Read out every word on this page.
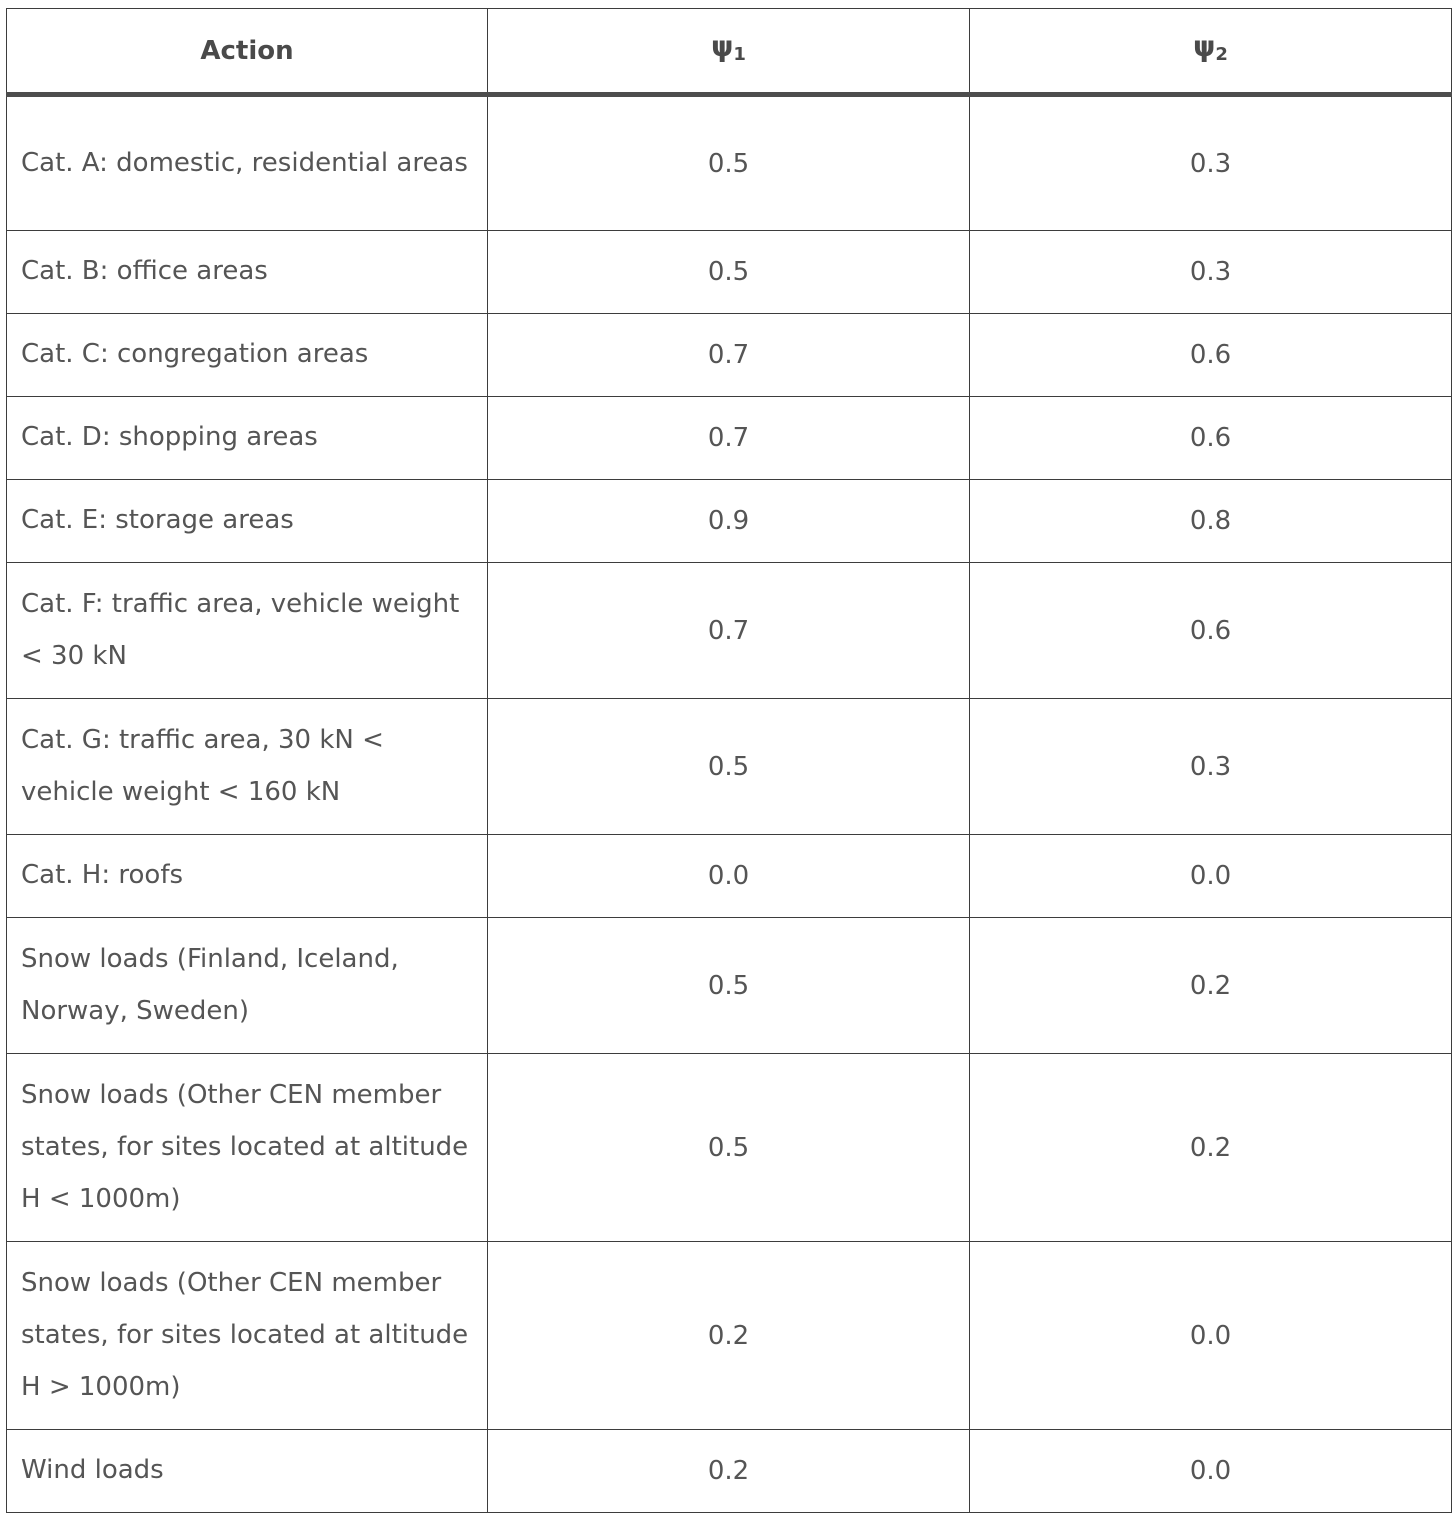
Action	$\psi_1$	$\psi_2$
Cat. A: domestic, residential areas	0.5	0.3
Cat. B: office areas	0.5	0.3
Cat. C: congregation areas	0.7	0.6
Cat. D: shopping areas	0.7	0.6
Cat. E: storage areas	0.9	0.8
Cat. F: traffic area, vehicle weight < 30 kN	0.7	0.6
Cat. G: traffic area, 30 kN < vehicle weight < 160 kN	0.5	0.3
Cat. H: roofs	0.0	0.0
Snow loads (Finland, Iceland, Norway, Sweden)	0.5	0.2
Snow loads (Other CEN member states, for sites located at altitude H < 1000m)	0.5	0.2
Snow loads (Other CEN member states, for sites located at altitude H > 1000m)	0.2	0.0
Wind loads	0.2	0.0
